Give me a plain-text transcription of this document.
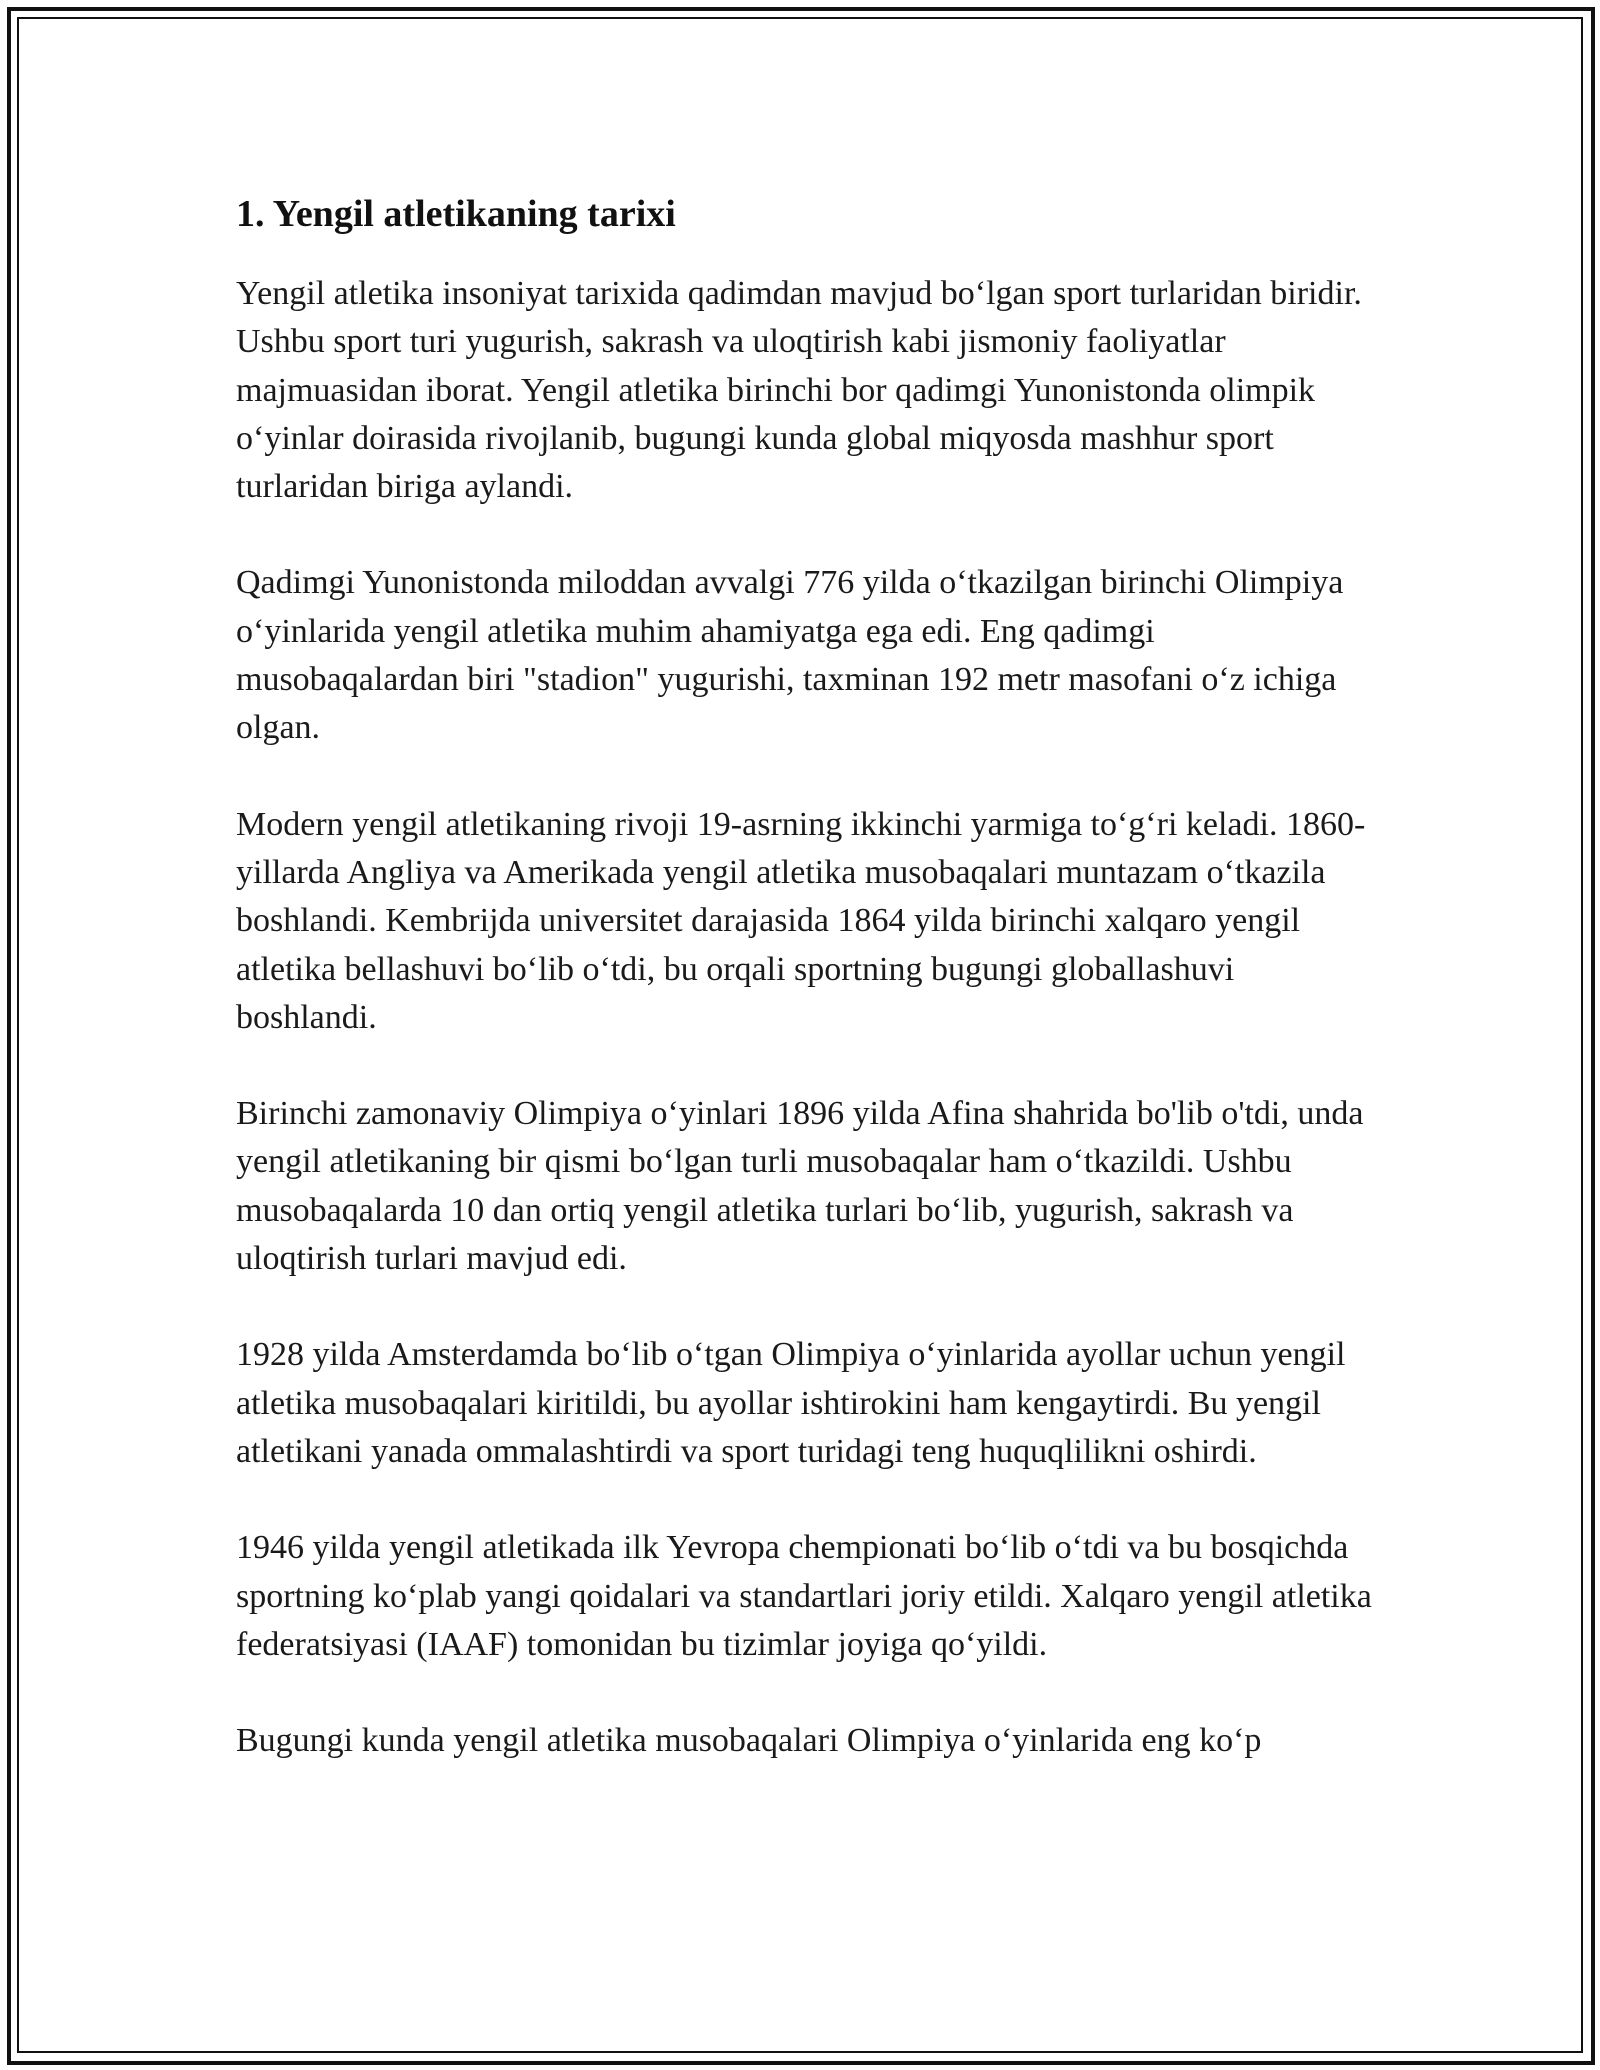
1. Yengil atletikaning tarixi

Yengil atletika insoniyat tarixida qadimdan mavjud bo‘lgan sport turlaridan biridir. Ushbu sport turi yugurish, sakrash va uloqtirish kabi jismoniy faoliyatlar majmuasidan iborat. Yengil atletika birinchi bor qadimgi Yunonistonda olimpik o‘yinlar doirasida rivojlanib, bugungi kunda global miqyosda mashhur sport turlaridan biriga aylandi.

Qadimgi Yunonistonda miloddan avvalgi 776 yilda o‘tkazilgan birinchi Olimpiya o‘yinlarida yengil atletika muhim ahamiyatga ega edi. Eng qadimgi musobaqalardan biri "stadion" yugurishi, taxminan 192 metr masofani o‘z ichiga olgan.

Modern yengil atletikaning rivoji 19-asrning ikkinchi yarmiga to‘g‘ri keladi. 1860-yillarda Angliya va Amerikada yengil atletika musobaqalari muntazam o‘tkazila boshlandi. Kembrijda universitet darajasida 1864 yilda birinchi xalqaro yengil atletika bellashuvi bo‘lib o‘tdi, bu orqali sportning bugungi globallashuvi boshlandi.

Birinchi zamonaviy Olimpiya o‘yinlari 1896 yilda Afina shahrida bo'lib o'tdi, unda yengil atletikaning bir qismi bo‘lgan turli musobaqalar ham o‘tkazildi. Ushbu musobaqalarda 10 dan ortiq yengil atletika turlari bo‘lib, yugurish, sakrash va uloqtirish turlari mavjud edi.

1928 yilda Amsterdamda bo‘lib o‘tgan Olimpiya o‘yinlarida ayollar uchun yengil atletika musobaqalari kiritildi, bu ayollar ishtirokini ham kengaytirdi. Bu yengil atletikani yanada ommalashtirdi va sport turidagi teng huquqlilikni oshirdi.

1946 yilda yengil atletikada ilk Yevropa chempionati bo‘lib o‘tdi va bu bosqichda sportning ko‘plab yangi qoidalari va standartlari joriy etildi. Xalqaro yengil atletika federatsiyasi (IAAF) tomonidan bu tizimlar joyiga qo‘yildi.

Bugungi kunda yengil atletika musobaqalari Olimpiya o‘yinlarida eng ko‘p
